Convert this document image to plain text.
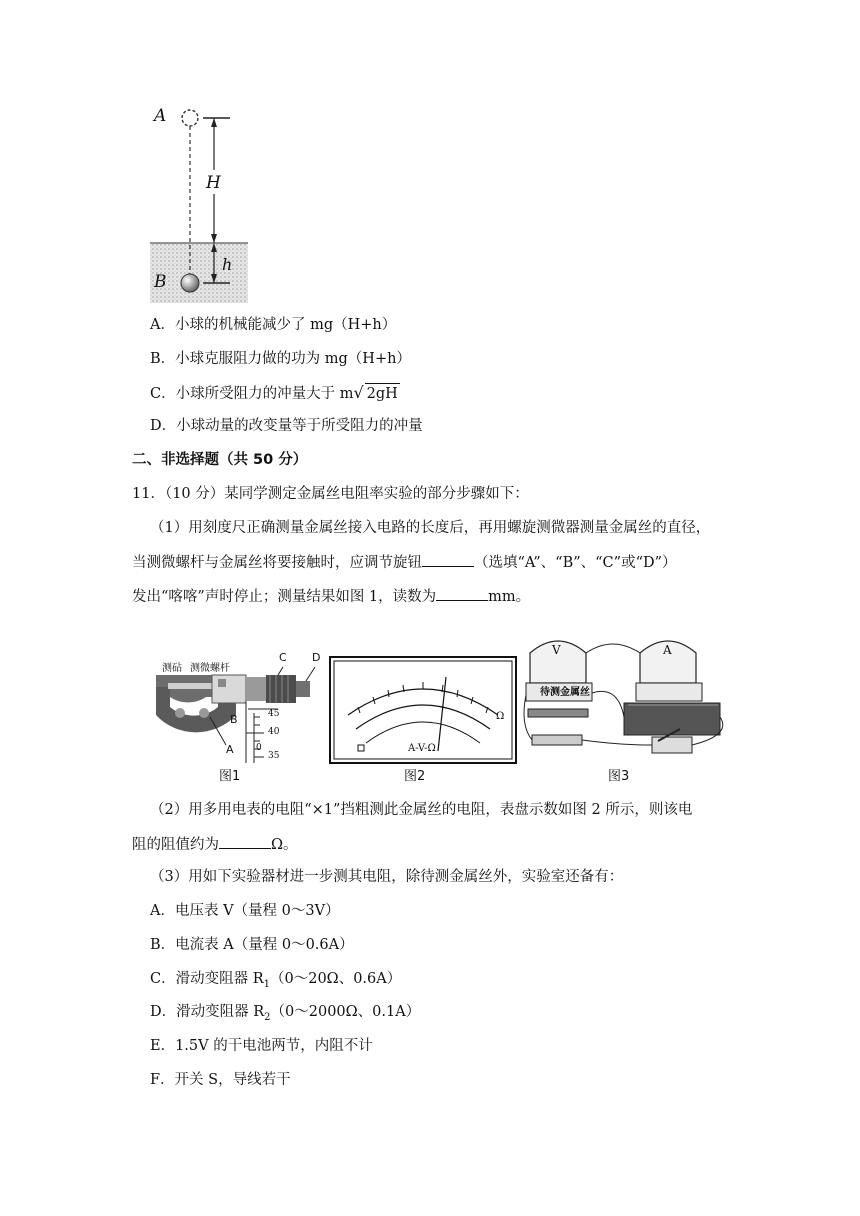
A
H
h
B
A．小球的机械能减少了 mg（H+h）
B．小球克服阻力做的功为 mg（H+h）
C．小球所受阻力的冲量大于 m√ 2gH
D．小球动量的改变量等于所受阻力的冲量
二、非选择题（共 50 分）
11．（10 分）某同学测定金属丝电阻率实验的部分步骤如下：
（1）用刻度尺正确测量金属丝接入电路的长度后，再用螺旋测微器测量金属丝的直径，
当测微螺杆与金属丝将要接触时，应调节旋钮	（选填“A”、“B”、“C”或“D”）
发出“喀喀”声时停止；测量结果如图 1，读数为	mm。
测砧 测微螺杆
C D
B
A
45
40
0
35
A-V-Ω
Ω
V	A
待测金属丝
图1	图2	图3
（2）用多用电表的电阻“×1”挡粗测此金属丝的电阻，表盘示数如图 2 所示，则该电
阻的阻值约为	Ω。
（3）用如下实验器材进一步测其电阻，除待测金属丝外，实验室还备有：
A．电压表 V（量程 0～3V）
B．电流表 A（量程 0～0.6A）
C．滑动变阻器 $R_1(0\sim 20\Omega$、0.6A）
D．滑动变阻器 $R_2(0\sim 2000\Omega$、0.1A）
E．1.5V 的干电池两节，内阻不计
F．开关 S，导线若干
